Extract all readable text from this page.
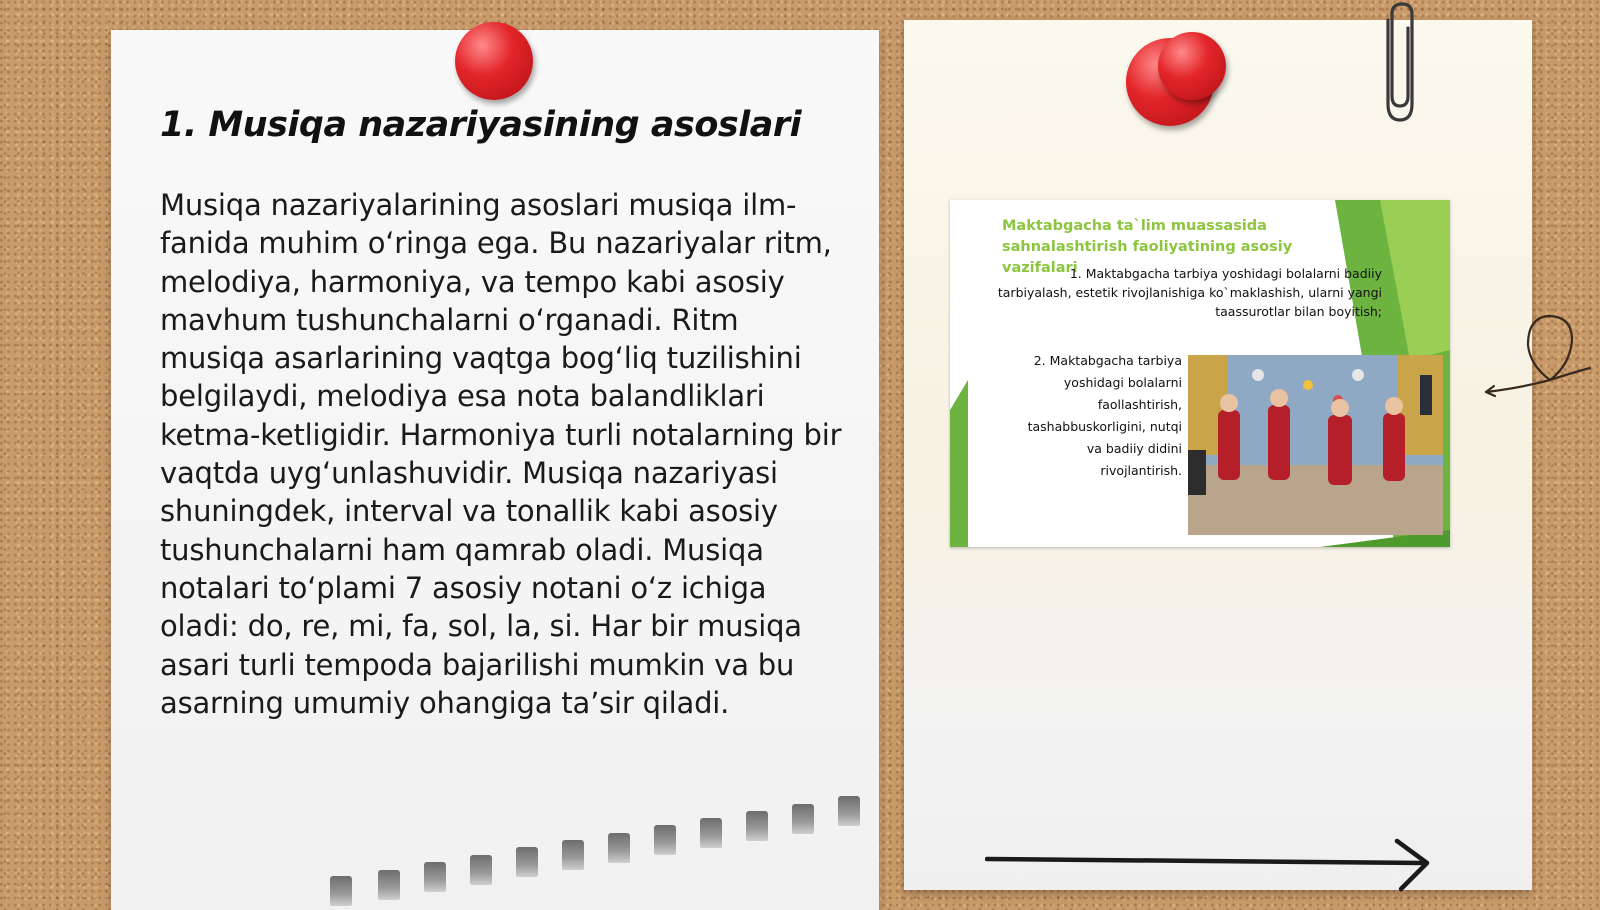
1. Musiqa nazariyasining asoslari

Musiqa nazariyalarining asoslari musiqa ilm-fanida muhim o‘ringa ega. Bu nazariyalar ritm, melodiya, harmoniya, va tempo kabi asosiy mavhum tushunchalarni o‘rganadi. Ritm musiqa asarlarining vaqtga bog‘liq tuzilishini belgilaydi, melodiya esa nota balandliklari ketma-ketligidir. Harmoniya turli notalarning bir vaqtda uyg‘unlashuvidir. Musiqa nazariyasi shuningdek, interval va tonallik kabi asosiy tushunchalarni ham qamrab oladi. Musiqa notalari to‘plami 7 asosiy notani o‘z ichiga oladi: do, re, mi, fa, sol, la, si. Har bir musiqa asari turli tempoda bajarilishi mumkin va bu asarning umumiy ohangiga ta’sir qiladi.

Maktabgacha ta`lim muassasida sahnalashtirish faoliyatining asosiy vazifalari
1. Maktabgacha tarbiya yoshidagi bolalarni badiiy tarbiyalash, estetik rivojlanishiga ko`maklashish, ularni yangi taassurotlar bilan boyitish;
2. Maktabgacha tarbiya yoshidagi bolalarni faollashtirish, tashabbuskorligini, nutqi va badiiy didini rivojlantirish.
